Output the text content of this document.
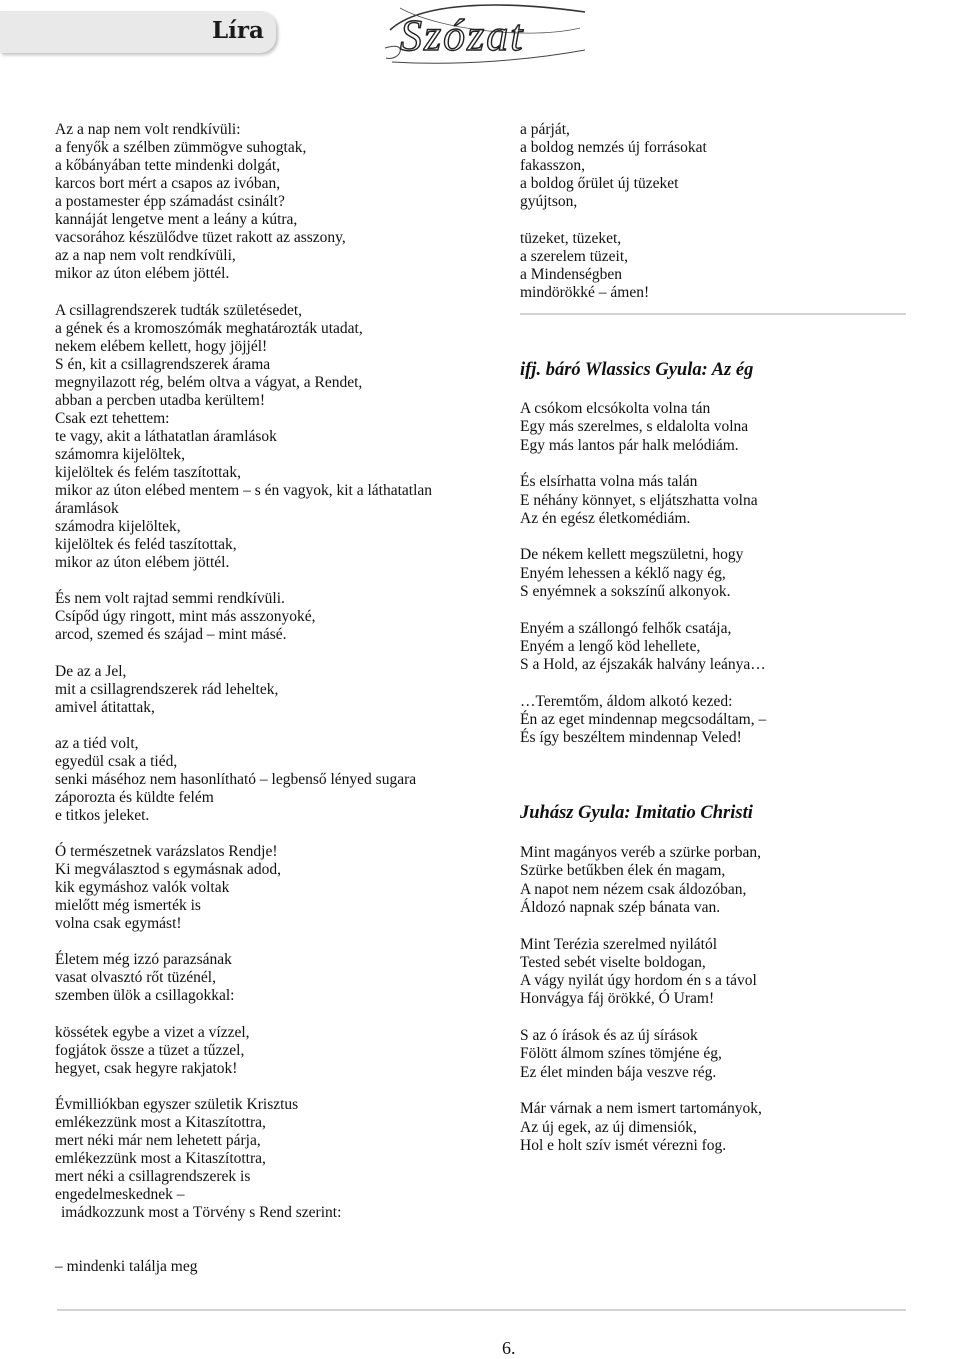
Líra	Szózat
Az a nap nem volt rendkívüli:
a fenyők a szélben zümmögve suhogtak,
a kőbányában tette mindenki dolgát,
karcos bort mért a csapos az ivóban,
a postamester épp számadást csinált?
kannáját lengetve ment a leány a kútra,
vacsorához készülődve tüzet rakott az asszony,
az a nap nem volt rendkívüli,
mikor az úton elébem jöttél.
A csillagrendszerek tudták születésedet,
a gének és a kromoszómák meghatározták utadat,
nekem elébem kellett, hogy jöjjél!
S én, kit a csillagrendszerek árama
megnyilazott rég, belém oltva a vágyat, a Rendet,
abban a percben utadba kerültem!
Csak ezt tehettem:
te vagy, akit a láthatatlan áramlások
számomra kijelöltek,
kijelöltek és felém taszítottak,
mikor az úton elébed mentem – s én vagyok, kit a láthatatlan
áramlások
számodra kijelöltek,
kijelöltek és feléd taszítottak,
mikor az úton elébem jöttél.
És nem volt rajtad semmi rendkívüli.
Csípőd úgy ringott, mint más asszonyoké,
arcod, szemed és szájad – mint másé.
De az a Jel,
mit a csillagrendszerek rád leheltek,
amivel átitattak,
az a tiéd volt,
egyedül csak a tiéd,
senki máséhoz nem hasonlítható – legbenső lényed sugara
záporozta és küldte felém
e titkos jeleket.
Ó természetnek varázslatos Rendje!
Ki megválasztod s egymásnak adod,
kik egymáshoz valók voltak
mielőtt még ismerték is
volna csak egymást!
Életem még izzó parazsának
vasat olvasztó rőt tüzénél,
szemben ülök a csillagokkal:
kössétek egybe a vizet a vízzel,
fogjátok össze a tüzet a tűzzel,
hegyet, csak hegyre rakjatok!
Évmilliókban egyszer születik Krisztus
emlékezzünk most a Kitaszítottra,
mert néki már nem lehetett párja,
emlékezzünk most a Kitaszítottra,
mert néki a csillagrendszerek is
engedelmeskednek –
imádkozzunk most a Törvény s Rend szerint:
– mindenki találja meg
a párját,
a boldog nemzés új forrásokat
fakasszon,
a boldog őrület új tüzeket
gyújtson,
tüzeket, tüzeket,
a szerelem tüzeit,
a Mindenségben
mindörökké – ámen!
ifj. báró Wlassics Gyula: Az ég
A csókom elcsókolta volna tán
Egy más szerelmes, s eldalolta volna
Egy más lantos pár halk melódiám.
És elsírhatta volna más talán
E néhány könnyet, s eljátszhatta volna
Az én egész életkomédiám.
De nékem kellett megszületni, hogy
Enyém lehessen a kéklő nagy ég,
S enyémnek a sokszínű alkonyok.
Enyém a szállongó felhők csatája,
Enyém a lengő köd lehellete,
S a Hold, az éjszakák halvány leánya…
…Teremtőm, áldom alkotó kezed:
Én az eget mindennap megcsodáltam, –
És így beszéltem mindennap Veled!
Juhász Gyula: Imitatio Christi
Mint magányos veréb a szürke porban,
Szürke betűkben élek én magam,
A napot nem nézem csak áldozóban,
Áldozó napnak szép bánata van.
Mint Terézia szerelmed nyilától
Tested sebét viselte boldogan,
A vágy nyilát úgy hordom én s a távol
Honvágya fáj örökké, Ó Uram!
S az ó írások és az új sírások
Fölött álmom színes tömjéne ég,
Ez élet minden bája veszve rég.
Már várnak a nem ismert tartományok,
Az új egek, az új dimensiók,
Hol e holt szív ismét vérezni fog.
6.
